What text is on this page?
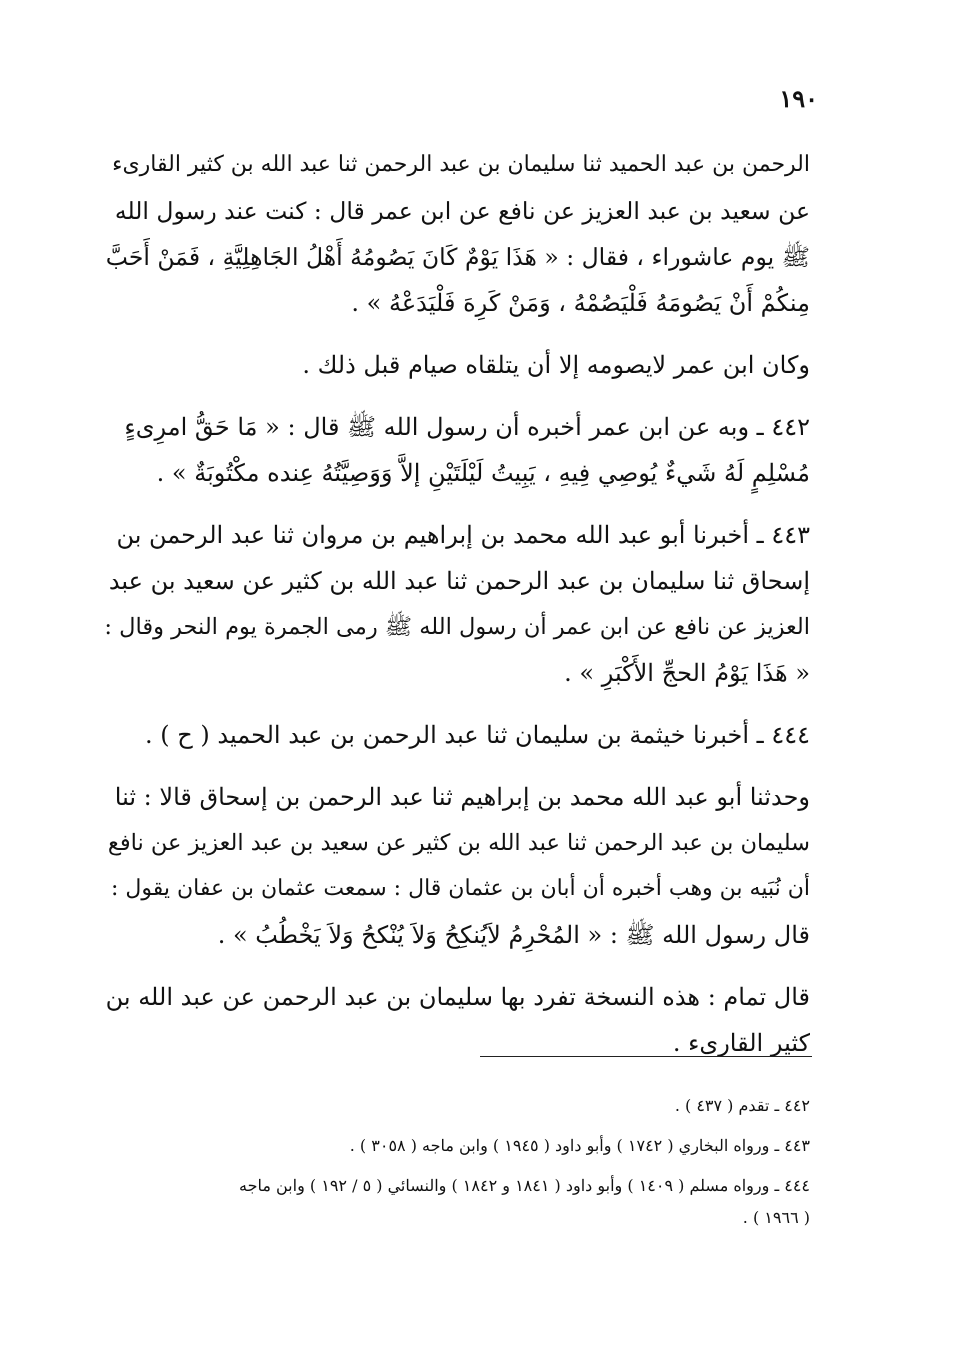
١٩٠
الرحمن بن عبد الحميد ثنا سليمان بن عبد الرحمن ثنا عبد الله بن كثير القارىء
عن سعيد بن عبد العزيز عن نافع عن ابن عمر قال : كنت عند رسول الله
ﷺ يوم عاشوراء ، فقال : « هَذَا يَوْمٌ كَانَ يَصُومُهُ أَهْلُ الجَاهِلِيَّةِ ، فَمَنْ أَحَبَّ
مِنكُمْ أَنْ يَصُومَهُ فَلْيَصُمْهُ ، وَمَنْ كَرِهَ فَلْيَدَعْهُ » .
وكان ابن عمر لايصومه إلا أن يتلقاه صيام قبل ذلك .
٤٤٢ ـ وبه عن ابن عمر أخبره أن رسول الله ﷺ قال : « مَا حَقُّ امرِىءٍ
مُسْلِمٍ لَهُ شَيءٌ يُوصِي فِيهِ ، يَبِيتُ لَيْلَتَيْنِ إلاَّ وَوَصِيَّتُهُ عِنده مكْتُوبَةٌ » .
٤٤٣ ـ أخبرنا أبو عبد الله محمد بن إبراهيم بن مروان ثنا عبد الرحمن بن
إسحاق ثنا سليمان بن عبد الرحمن ثنا عبد الله بن كثير عن سعيد بن عبد
العزيز عن نافع عن ابن عمر أن رسول الله ﷺ رمى الجمرة يوم النحر وقال :
« هَذَا يَوْمُ الحجِّ الأَكْبَرِ » .
٤٤٤ ـ أخبرنا خيثمة بن سليمان ثنا عبد الرحمن بن عبد الحميد ( ح ) .
وحدثنا أبو عبد الله محمد بن إبراهيم ثنا عبد الرحمن بن إسحاق قالا : ثنا
سليمان بن عبد الرحمن ثنا عبد الله بن كثير عن سعيد بن عبد العزيز عن نافع
أن نُبَيه بن وهب أخبره أن أبان بن عثمان قال : سمعت عثمان بن عفان يقول :
قال رسول الله ﷺ : « المُحْرِمُ لاَيُنكِحُ وَلاَ يُنْكحُ وَلاَ يَخْطُبُ » .
قال تمام : هذه النسخة تفرد بها سليمان بن عبد الرحمن عن عبد الله بن
كثير القارىء .
٤٤٢ ـ تقدم ( ٤٣٧ ) .
٤٤٣ ـ ورواه البخاري ( ١٧٤٢ ) وأبو داود ( ١٩٤٥ ) وابن ماجه ( ٣٠٥٨ ) .
٤٤٤ ـ ورواه مسلم ( ١٤٠٩ ) وأبو داود ( ١٨٤١ و ١٨٤٢ ) والنسائي ( ٥ / ١٩٢ ) وابن ماجه
( ١٩٦٦ ) .
